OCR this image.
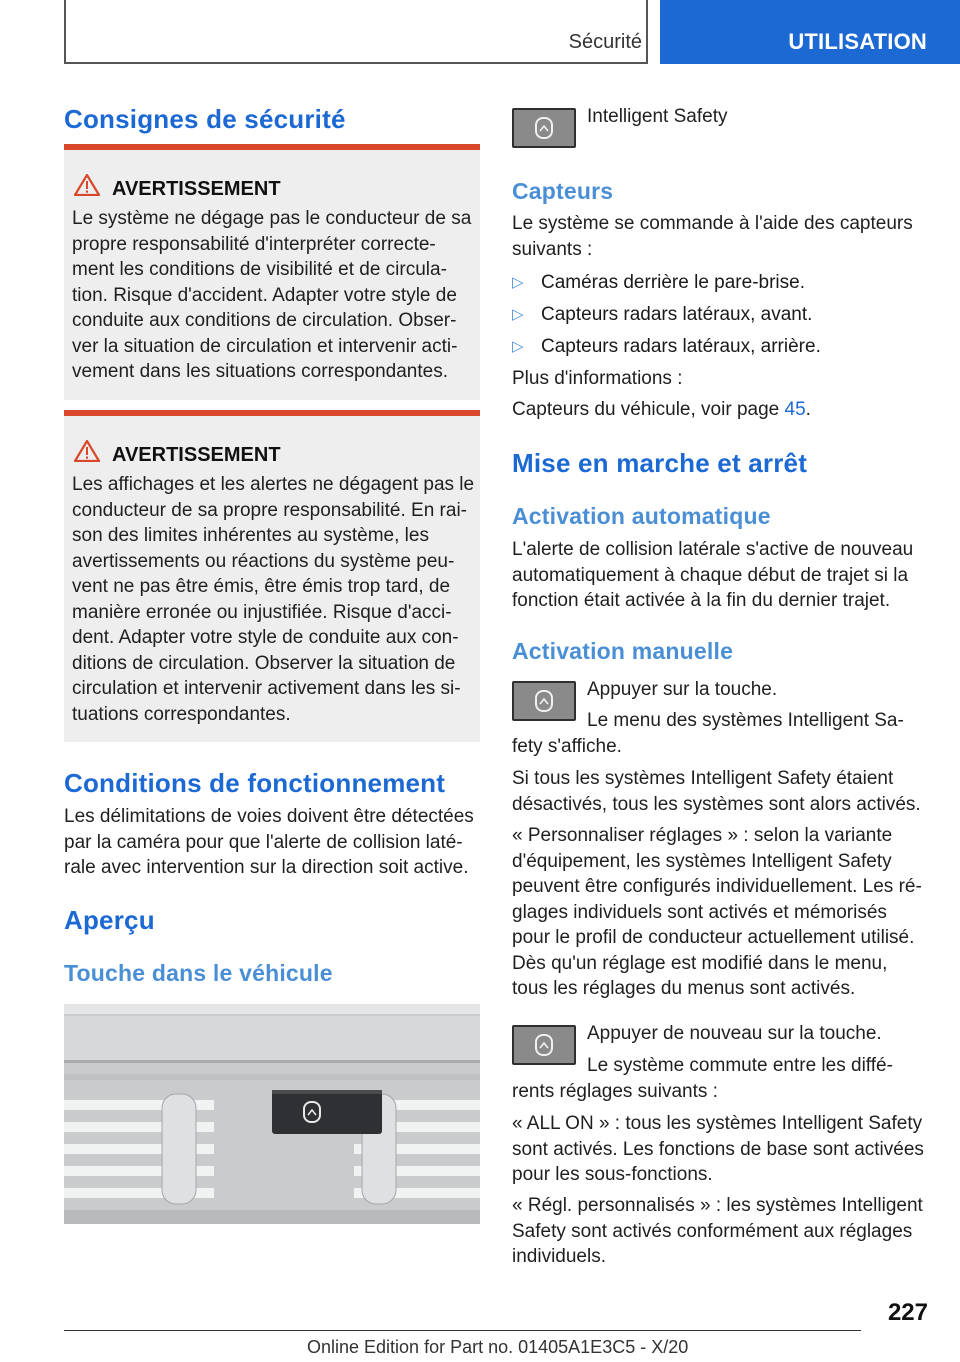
Sécurité	UTILISATION
Consignes de sécurité
AVERTISSEMENT
Le système ne dégage pas le conducteur de sa
propre responsabilité d'interpréter correcte-
ment les conditions de visibilité et de circula-
tion. Risque d'accident. Adapter votre style de
conduite aux conditions de circulation. Obser-
ver la situation de circulation et intervenir acti-
vement dans les situations correspondantes.
AVERTISSEMENT
Les affichages et les alertes ne dégagent pas le
conducteur de sa propre responsabilité. En rai-
son des limites inhérentes au système, les
avertissements ou réactions du système peu-
vent ne pas être émis, être émis trop tard, de
manière erronée ou injustifiée. Risque d'acci-
dent. Adapter votre style de conduite aux con-
ditions de circulation. Observer la situation de
circulation et intervenir activement dans les si-
tuations correspondantes.
Conditions de fonctionnement
Les délimitations de voies doivent être détectées
par la caméra pour que l'alerte de collision laté-
rale avec intervention sur la direction soit active.
Aperçu
Touche dans le véhicule
Intelligent Safety
Capteurs
Le système se commande à l'aide des capteurs
suivants :
▷ Caméras derrière le pare-brise.
▷ Capteurs radars latéraux, avant.
▷ Capteurs radars latéraux, arrière.
Plus d'informations :
Capteurs du véhicule, voir page 45.
Mise en marche et arrêt
Activation automatique
L'alerte de collision latérale s'active de nouveau
automatiquement à chaque début de trajet si la
fonction était activée à la fin du dernier trajet.
Activation manuelle
Appuyer sur la touche.
Le menu des systèmes Intelligent Sa-
fety s'affiche.
Si tous les systèmes Intelligent Safety étaient
désactivés, tous les systèmes sont alors activés.
« Personnaliser réglages » : selon la variante
d'équipement, les systèmes Intelligent Safety
peuvent être configurés individuellement. Les ré-
glages individuels sont activés et mémorisés
pour le profil de conducteur actuellement utilisé.
Dès qu'un réglage est modifié dans le menu,
tous les réglages du menus sont activés.
Appuyer de nouveau sur la touche.
Le système commute entre les diffé-
rents réglages suivants :
« ALL ON » : tous les systèmes Intelligent Safety
sont activés. Les fonctions de base sont activées
pour les sous-fonctions.
« Régl. personnalisés » : les systèmes Intelligent
Safety sont activés conformément aux réglages
individuels.
227
Online Edition for Part no. 01405A1E3C5 - X/20
